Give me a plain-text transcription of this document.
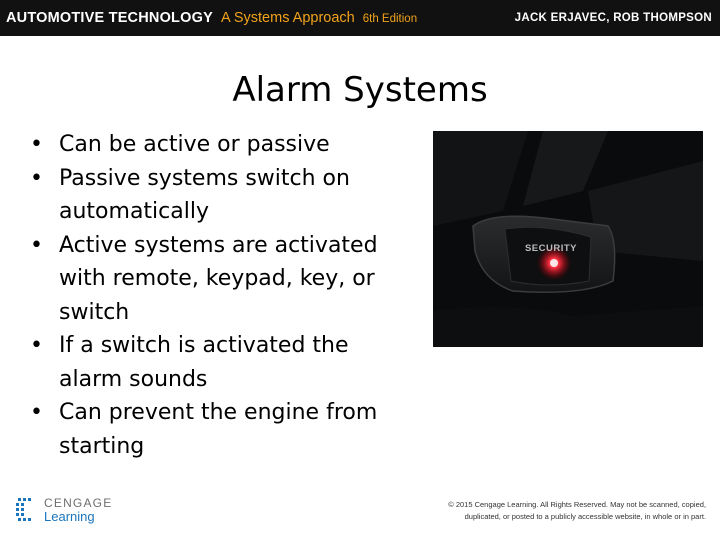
AUTOMOTIVE TECHNOLOGY A Systems Approach 6th Edition	JACK ERJAVEC, ROB THOMPSON
Alarm Systems
• Can be active or passive
• Passive systems switch on automatically
• Active systems are activated with remote, keypad, key, or switch
• If a switch is activated the alarm sounds
• Can prevent the engine from starting
SECURITY
CENGAGE
Learning
© 2015 Cengage Learning. All Rights Reserved. May not be scanned, copied, duplicated, or posted to a publicly accessible website, in whole or in part.
